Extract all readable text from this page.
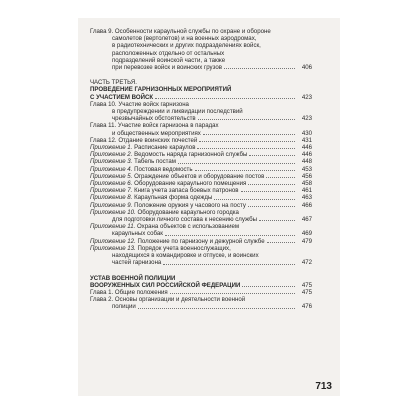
Глава 9. Особенности караульной службы по охране и обороне
самолетов (вертолетов) и на военных аэродромах,
в радиотехнических и других подразделениях войск,
расположенных отдельно от остальных
подразделений воинской части, а также
при перевозке войск и воинских грузов	406
ЧАСТЬ ТРЕТЬЯ.
ПРОВЕДЕНИЕ ГАРНИЗОННЫХ МЕРОПРИЯТИЙ
С УЧАСТИЕМ ВОЙСК	423
Глава 10. Участие войск гарнизона
в предупреждении и ликвидации последствий
чрезвычайных обстоятельств	423
Глава 11. Участие войск гарнизона в парадах
и общественных мероприятиях	430
Глава 12. Отдание воинских почестей	431
Приложение 1. Расписание караулов	446
Приложение 2. Ведомость наряда гарнизонной службы	446
Приложение 3. Табель постам	448
Приложение 4. Постовая ведомость	453
Приложение 5. Ограждение объектов и оборудование постов	456
Приложение 6. Оборудование караульного помещения	458
Приложение 7. Книга учета запаса боевых патронов	461
Приложение 8. Караульная форма одежды	463
Приложение 9. Положение оружия у часового на посту	466
Приложение 10. Оборудование караульного городка
для подготовки личного состава к несению службы	467
Приложение 11. Охрана объектов с использованием
караульных собак	469
Приложение 12. Положение по гарнизону и дежурной службе	479
Приложение 13. Порядок учета военнослужащих,
находящихся в командировке и отпуске, и воинских
частей гарнизона	472
УСТАВ ВОЕННОЙ ПОЛИЦИИ
ВООРУЖЕННЫХ СИЛ РОССИЙСКОЙ ФЕДЕРАЦИИ	475
Глава 1. Общие положения	475
Глава 2. Основы организации и деятельности военной
полиции	476
713
